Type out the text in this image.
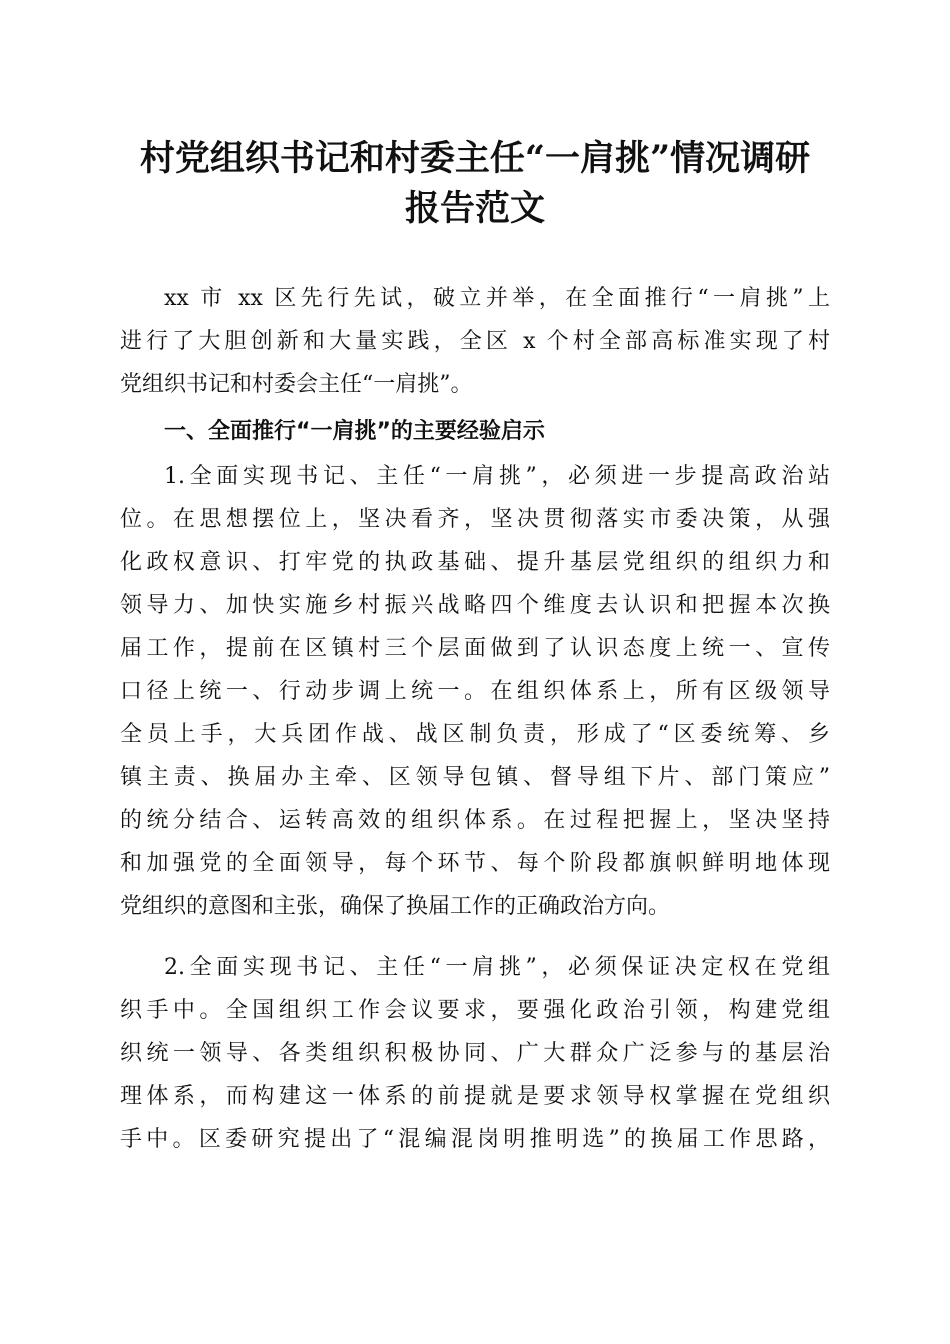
村党组织书记和村委主任“一肩挑”情况调研
报告范文
xx 市 xx 区先行先试，破立并举，在全面推行“一肩挑”上
进行了大胆创新和大量实践，全区 x 个村全部高标准实现了村
党组织书记和村委会主任“一肩挑”。
一、全面推行“一肩挑”的主要经验启示
1.全面实现书记、主任“一肩挑”，必须进一步提高政治站
位。在思想摆位上，坚决看齐，坚决贯彻落实市委决策，从强
化政权意识、打牢党的执政基础、提升基层党组织的组织力和
领导力、加快实施乡村振兴战略四个维度去认识和把握本次换
届工作，提前在区镇村三个层面做到了认识态度上统一、宣传
口径上统一、行动步调上统一。在组织体系上，所有区级领导
全员上手，大兵团作战、战区制负责，形成了“区委统筹、乡
镇主责、换届办主牵、区领导包镇、督导组下片、部门策应”
的统分结合、运转高效的组织体系。在过程把握上，坚决坚持
和加强党的全面领导，每个环节、每个阶段都旗帜鲜明地体现
党组织的意图和主张，确保了换届工作的正确政治方向。
2.全面实现书记、主任“一肩挑”，必须保证决定权在党组
织手中。全国组织工作会议要求，要强化政治引领，构建党组
织统一领导、各类组织积极协同、广大群众广泛参与的基层治
理体系，而构建这一体系的前提就是要求领导权掌握在党组织
手中。区委研究提出了“混编混岗明推明选”的换届工作思路，
